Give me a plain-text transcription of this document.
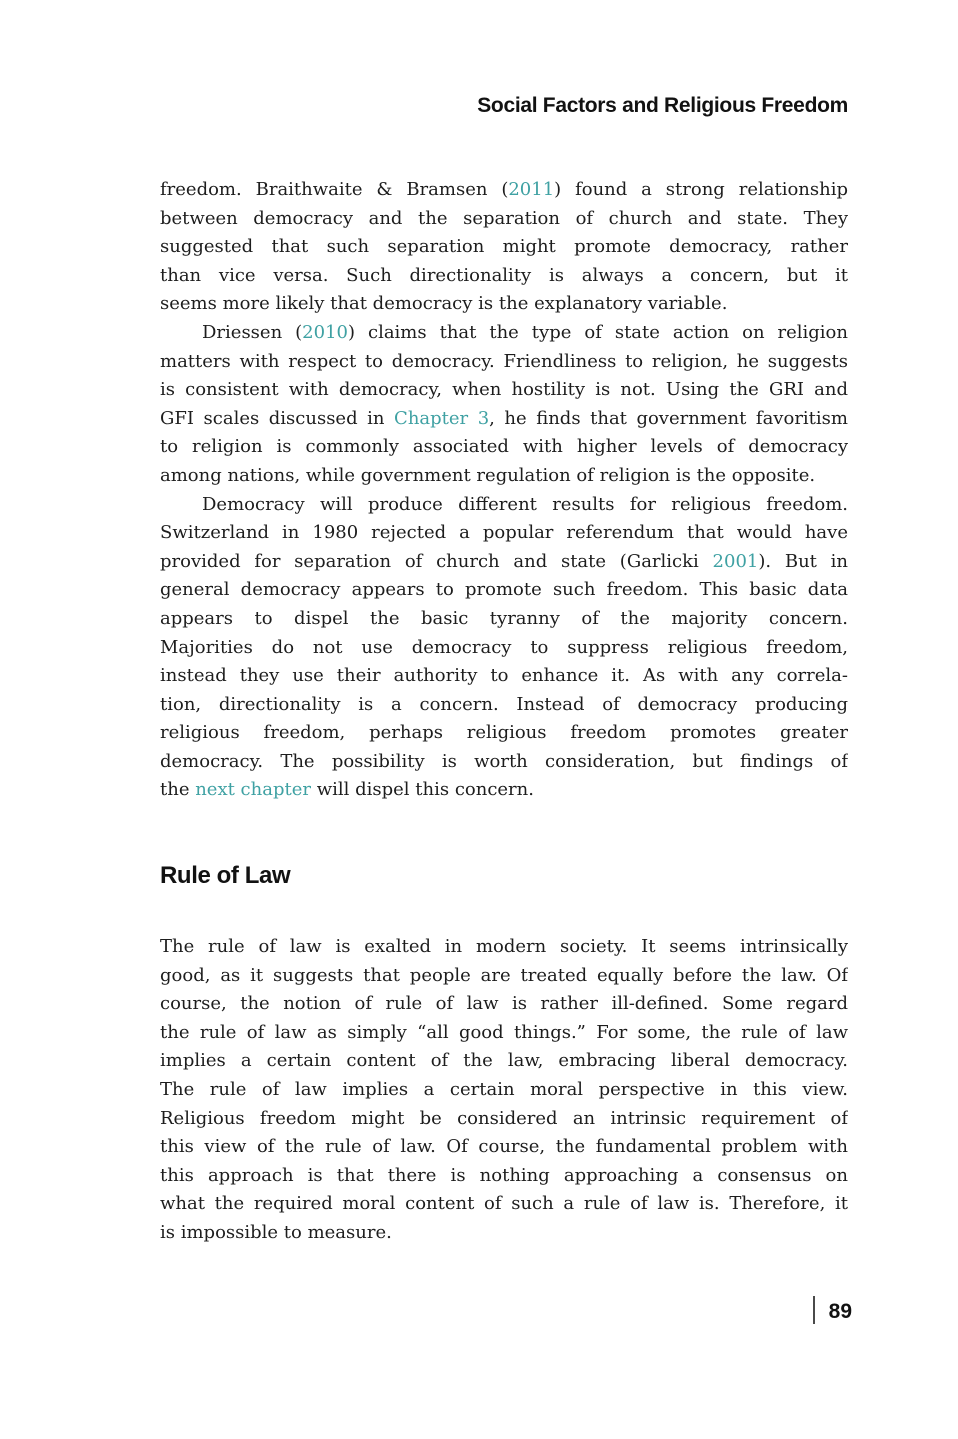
Social Factors and Religious Freedom
freedom. Braithwaite & Bramsen (2011) found a strong relationship
between democracy and the separation of church and state. They
suggested that such separation might promote democracy, rather
than vice versa. Such directionality is always a concern, but it
seems more likely that democracy is the explanatory variable.
Driessen (2010) claims that the type of state action on religion
matters with respect to democracy. Friendliness to religion, he suggests
is consistent with democracy, when hostility is not. Using the GRI and
GFI scales discussed in Chapter 3, he finds that government favoritism
to religion is commonly associated with higher levels of democracy
among nations, while government regulation of religion is the opposite.
Democracy will produce different results for religious freedom.
Switzerland in 1980 rejected a popular referendum that would have
provided for separation of church and state (Garlicki 2001). But in
general democracy appears to promote such freedom. This basic data
appears to dispel the basic tyranny of the majority concern.
Majorities do not use democracy to suppress religious freedom,
instead they use their authority to enhance it. As with any correla-
tion, directionality is a concern. Instead of democracy producing
religious freedom, perhaps religious freedom promotes greater
democracy. The possibility is worth consideration, but findings of
the next chapter will dispel this concern.
Rule of Law
The rule of law is exalted in modern society. It seems intrinsically
good, as it suggests that people are treated equally before the law. Of
course, the notion of rule of law is rather ill-defined. Some regard
the rule of law as simply “all good things.” For some, the rule of law
implies a certain content of the law, embracing liberal democracy.
The rule of law implies a certain moral perspective in this view.
Religious freedom might be considered an intrinsic requirement of
this view of the rule of law. Of course, the fundamental problem with
this approach is that there is nothing approaching a consensus on
what the required moral content of such a rule of law is. Therefore, it
is impossible to measure.
89
